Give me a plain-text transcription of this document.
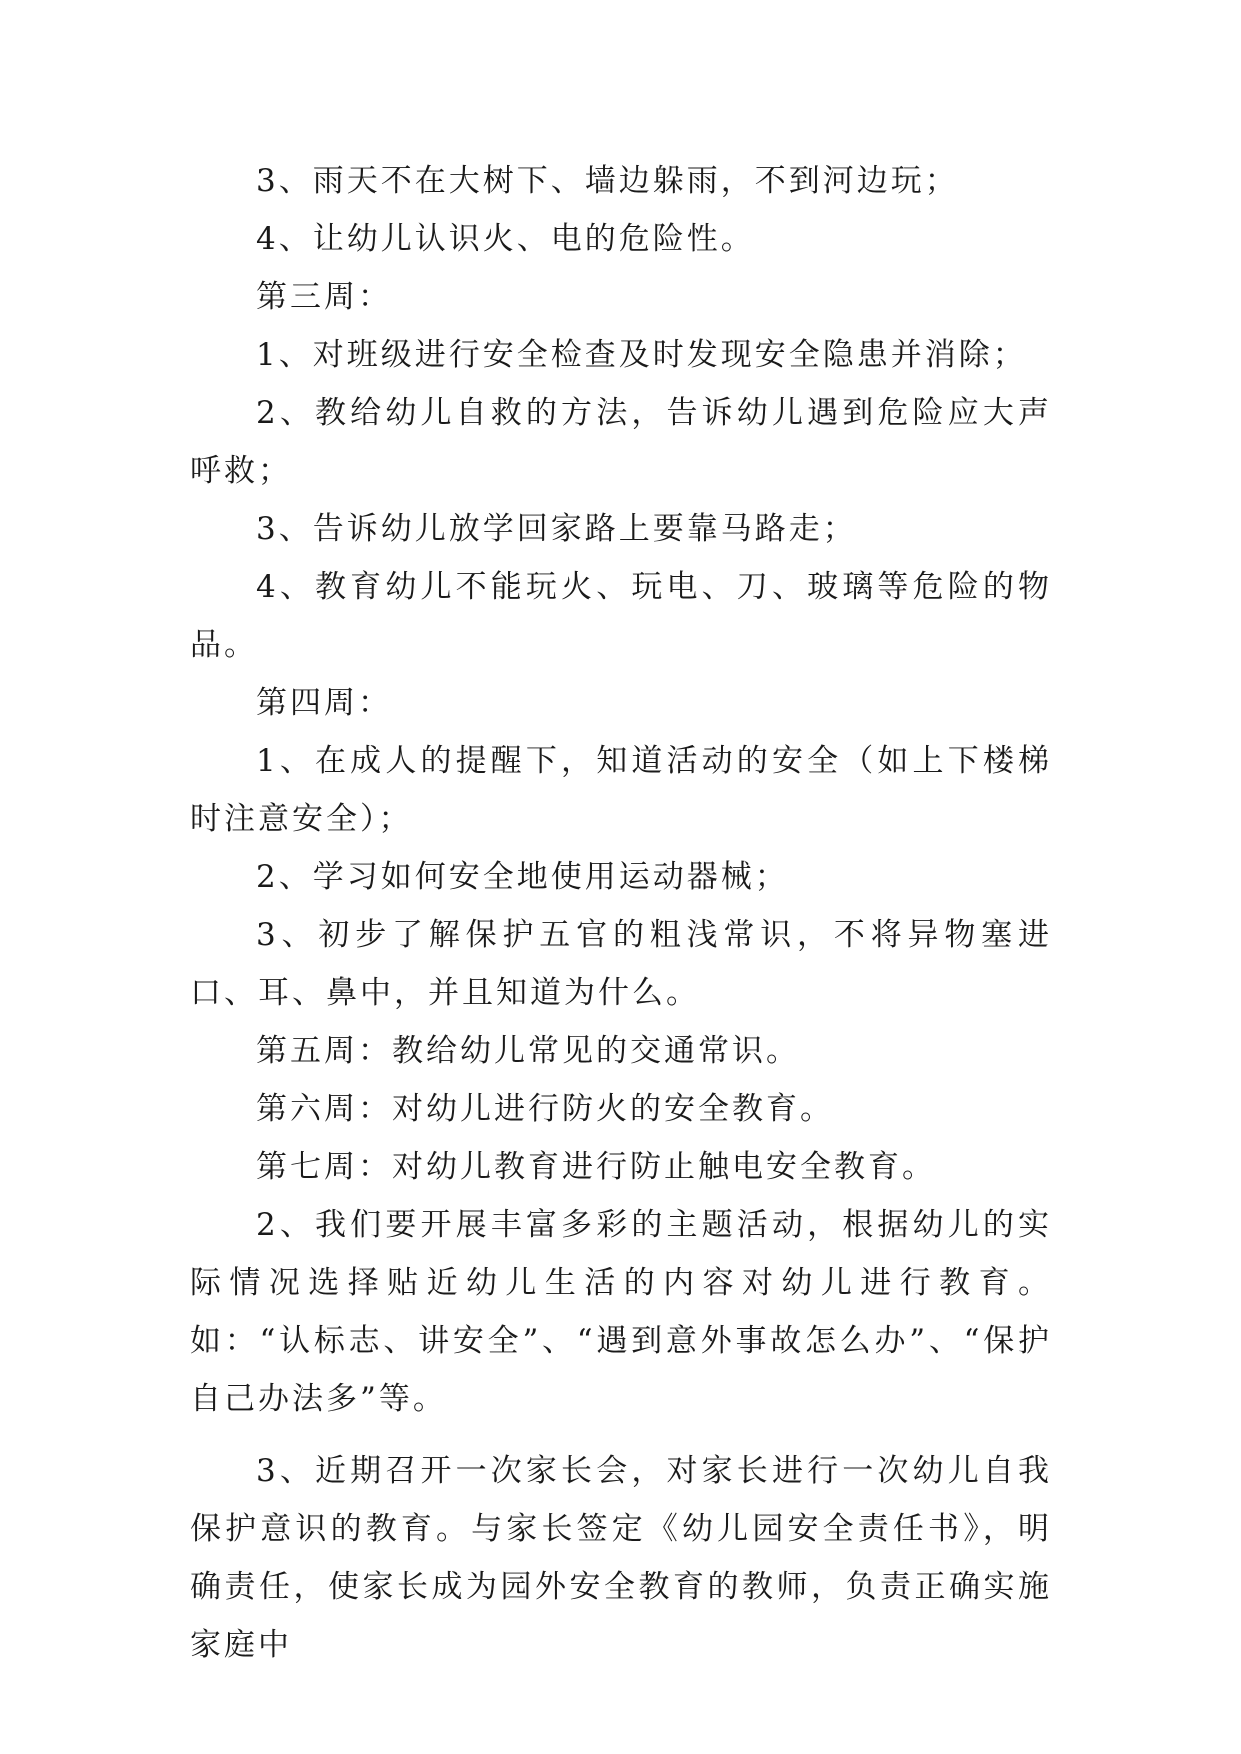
3、雨天不在大树下、墙边躲雨，不到河边玩；

4、让幼儿认识火、电的危险性。

第三周：

1、对班级进行安全检查及时发现安全隐患并消除；

2、教给幼儿自救的方法，告诉幼儿遇到危险应大声呼救；

3、告诉幼儿放学回家路上要靠马路走；

4、教育幼儿不能玩火、玩电、刀、玻璃等危险的物品。

第四周：

1、在成人的提醒下，知道活动的安全（如上下楼梯时注意安全）；

2、学习如何安全地使用运动器械；

3、初步了解保护五官的粗浅常识，不将异物塞进口、耳、鼻中，并且知道为什么。

第五周：教给幼儿常见的交通常识。

第六周：对幼儿进行防火的安全教育。

第七周：对幼儿教育进行防止触电安全教育。

2、我们要开展丰富多彩的主题活动，根据幼儿的实际情况选择贴近幼儿生活的内容对幼儿进行教育。如：“认标志、讲安全”、“遇到意外事故怎么办”、“保护自己办法多”等。

3、近期召开一次家长会，对家长进行一次幼儿自我保护意识的教育。与家长签定《幼儿园安全责任书》，明确责任，使家长成为园外安全教育的教师，负责正确实施家庭中
